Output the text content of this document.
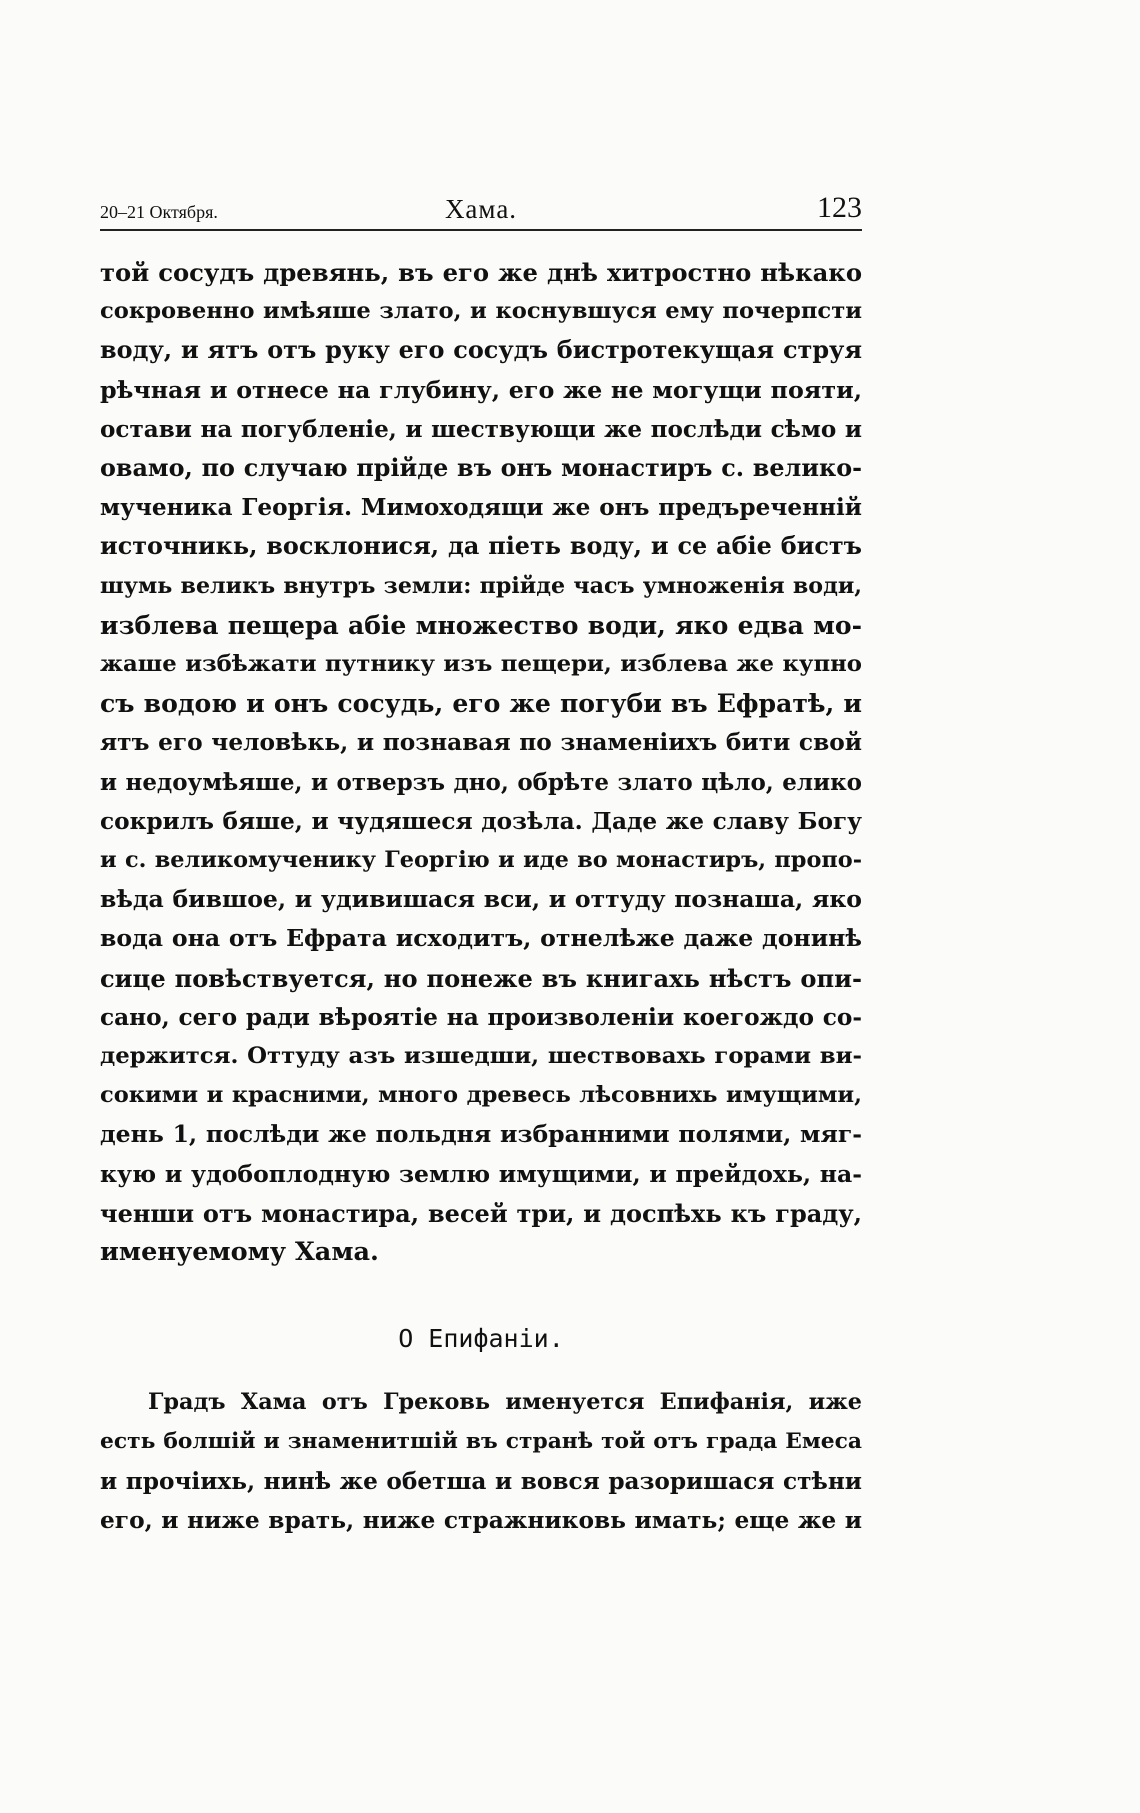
20–21 Октября.	Хама.	123
той сосудъ древянь, въ его же днѣ хитростно нѣкако
сокровенно имѣяше злато, и коснувшуся ему почерпсти
воду, и ятъ отъ руку его сосудъ бистротекущая струя
рѣчная и отнесе на глубину, его же не могущи пояти,
остави на погубленіе, и шествующи же послѣди сѣмо и
овамо, по случаю прійде въ онъ монастиръ с. велико-
мученика Георгія. Мимоходящи же онъ предъреченній
источникь, восклонися, да піеть воду, и се абіе бистъ
шумь великъ внутръ земли: прійде часъ умноженія води,
изблева пещера абіе множество води, яко едва мо-
жаше избѣжати путнику изъ пещери, изблева же купно
съ водою и онъ сосудь, его же погуби въ Ефратѣ, и
ятъ его человѣкь, и познавая по знаменіихъ бити свой
и недоумѣяше, и отверзъ дно, обрѣте злато цѣло, елико
сокрилъ бяше, и чудяшеся дозѣла. Даде же славу Богу
и с. великомученику Георгію и иде во монастиръ, пропо-
вѣда бившое, и удивишася вси, и оттуду познаша, яко
вода она отъ Ефрата исходитъ, отнелѣже даже донинѣ
сице повѣствуется, но понеже въ книгахь нѣстъ опи-
сано, сего ради вѣроятіе на произволеніи коегождо со-
держится. Оттуду азъ изшедши, шествовахь горами ви-
сокими и красними, много древесь лѣсовнихь имущими,
день 1, послѣди же польдня избранними полями, мяг-
кую и удобоплодную землю имущими, и прейдохь, на-
ченши отъ монастира, весей три, и доспѣхь къ граду,
именуемому Хама.
О Епифаніи.
Градъ Хама отъ Грековь именуется Епифанія, иже
есть болшій и знаменитшій въ странѣ той отъ града Емеса
и прочіихь, нинѣ же обетша и вовся разоришася стѣни
его, и ниже врать, ниже стражниковь имать; еще же и
